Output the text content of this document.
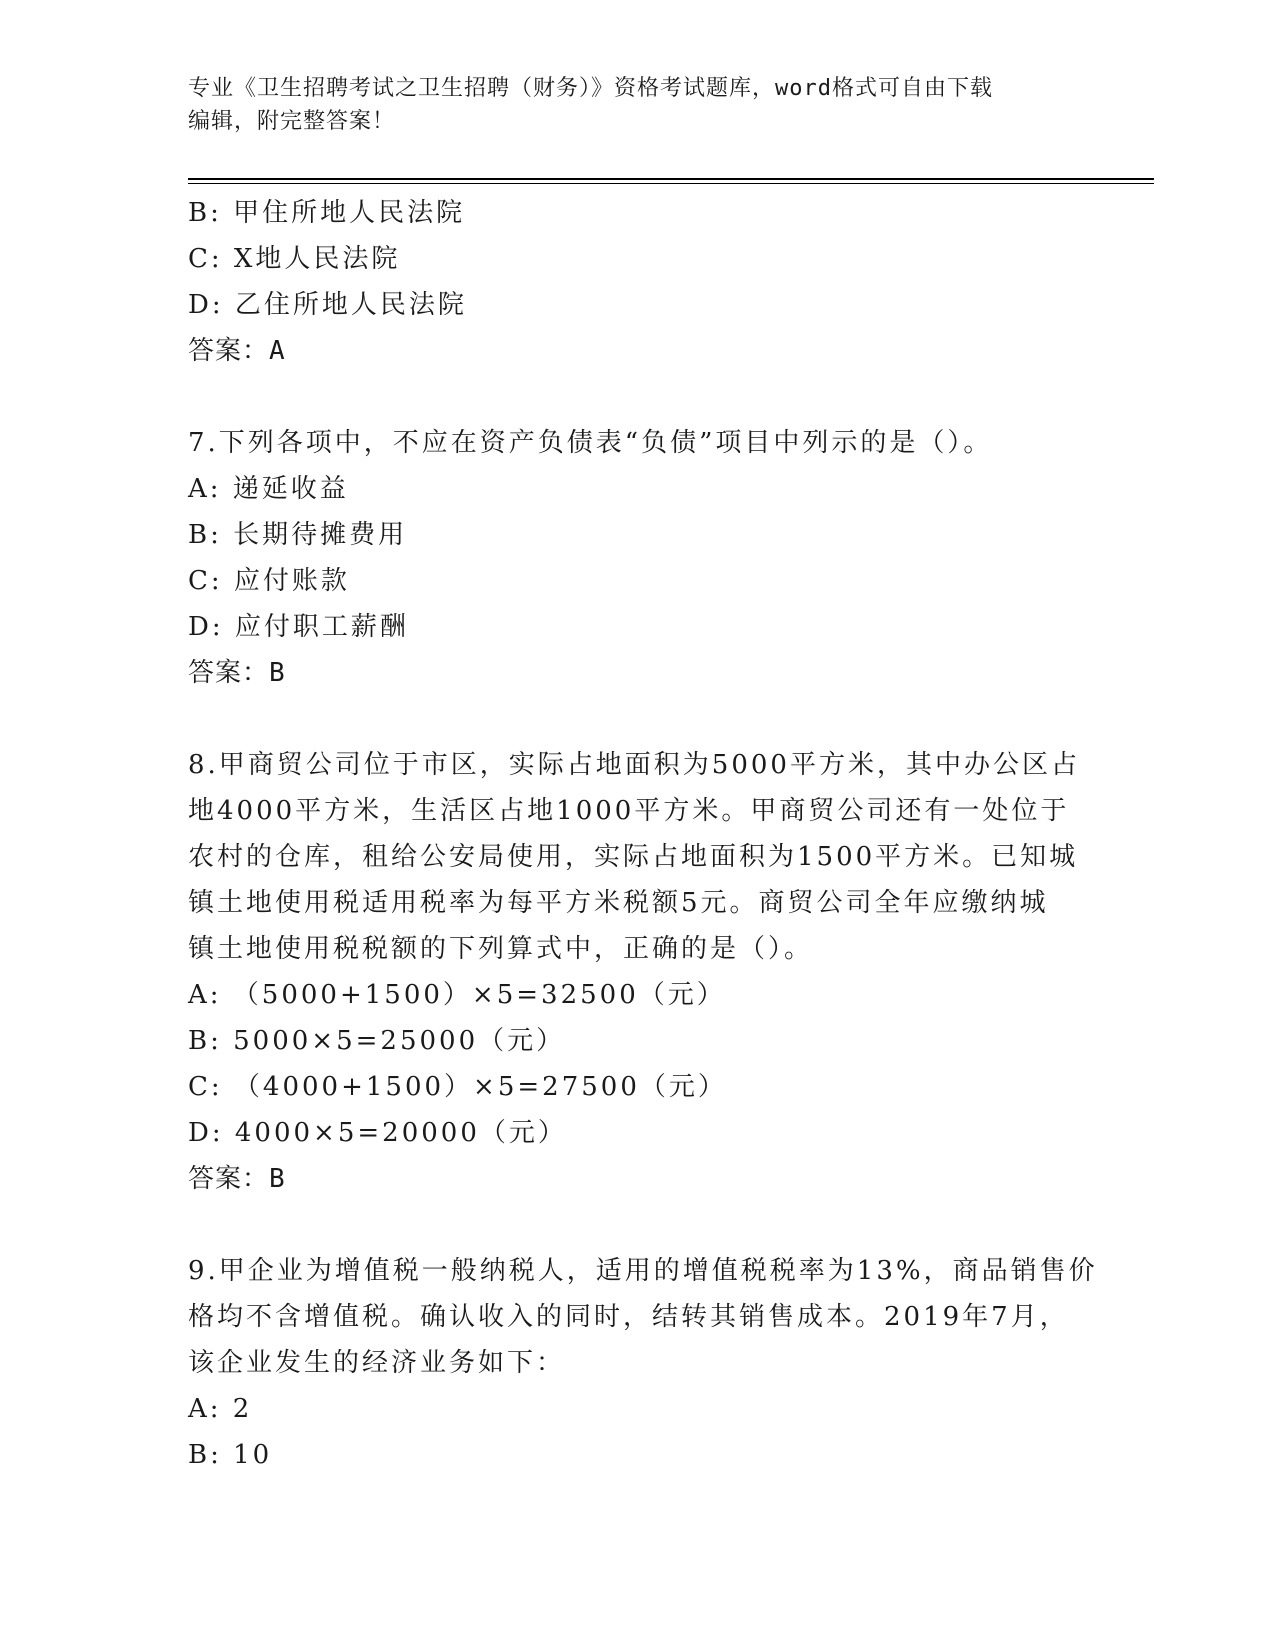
专业《卫生招聘考试之卫生招聘（财务）》资格考试题库，word格式可自由下载
编辑，附完整答案！
B: 甲住所地人民法院
C: X地人民法院
D: 乙住所地人民法院
答案：A
7.下列各项中，不应在资产负债表“负债”项目中列示的是（）。
A: 递延收益
B: 长期待摊费用
C: 应付账款
D: 应付职工薪酬
答案：B
8.甲商贸公司位于市区，实际占地面积为5000平方米，其中办公区占
地4000平方米，生活区占地1000平方米。甲商贸公司还有一处位于
农村的仓库，租给公安局使用，实际占地面积为1500平方米。已知城
镇土地使用税适用税率为每平方米税额5元。商贸公司全年应缴纳城
镇土地使用税税额的下列算式中，正确的是（）。
A: （5000+1500）×5=32500（元）
B: 5000×5=25000（元）
C: （4000+1500）×5=27500（元）
D: 4000×5=20000（元）
答案：B
9.甲企业为增值税一般纳税人，适用的增值税税率为13%，商品销售价
格均不含增值税。确认收入的同时，结转其销售成本。2019年7月，
该企业发生的经济业务如下：
A: 2
B: 10
